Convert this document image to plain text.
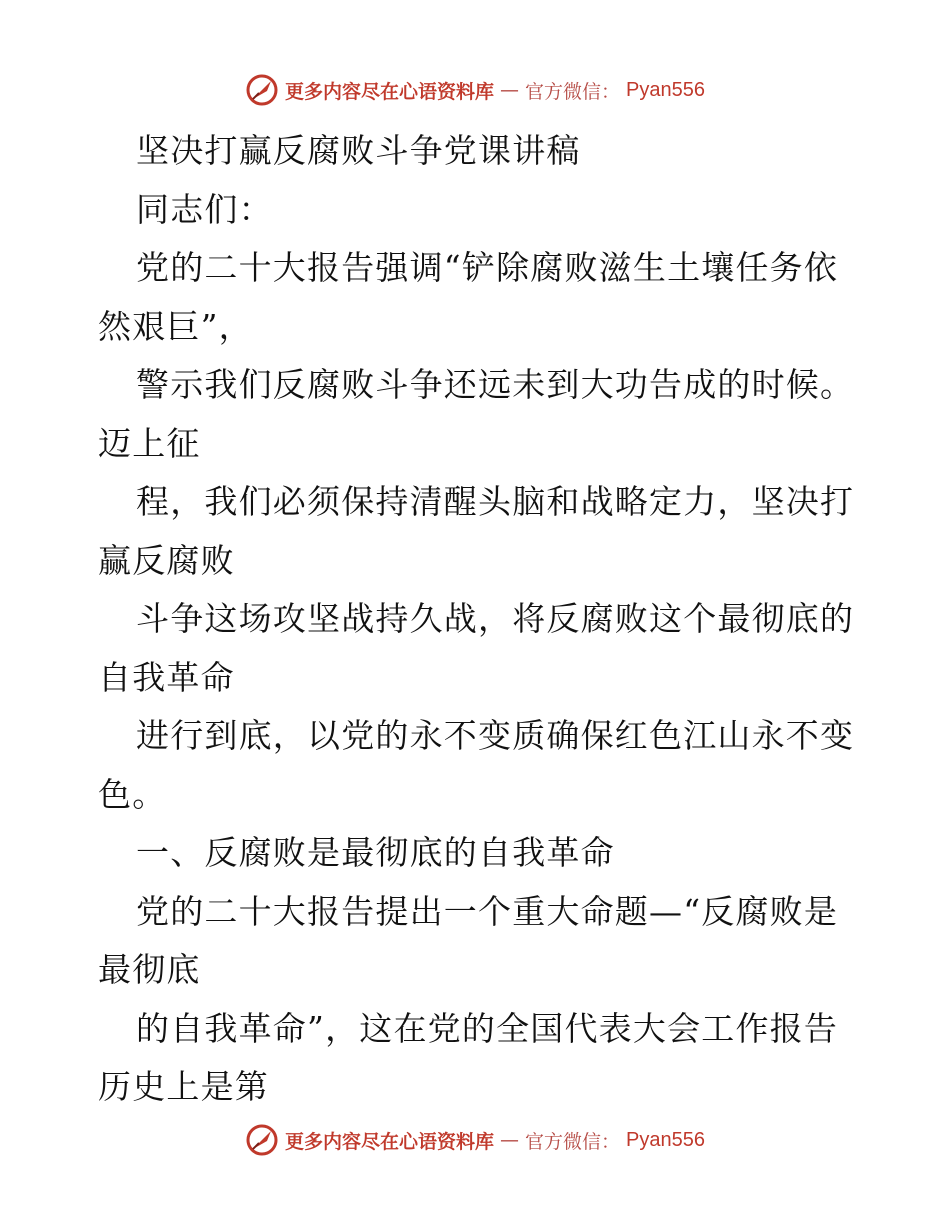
更多内容尽在心语资料库 — 官方微信： Pyan556
坚决打赢反腐败斗争党课讲稿
同志们：
党的二十大报告强调“铲除腐败滋生土壤任务依
然艰巨”，
警示我们反腐败斗争还远未到大功告成的时候。
迈上征
程，我们必须保持清醒头脑和战略定力，坚决打
赢反腐败
斗争这场攻坚战持久战，将反腐败这个最彻底的
自我革命
进行到底，以党的永不变质确保红色江山永不变
色。
一、反腐败是最彻底的自我革命
党的二十大报告提出一个重大命题—“反腐败是
最彻底
的自我革命”，这在党的全国代表大会工作报告
历史上是第
更多内容尽在心语资料库 — 官方微信： Pyan556
